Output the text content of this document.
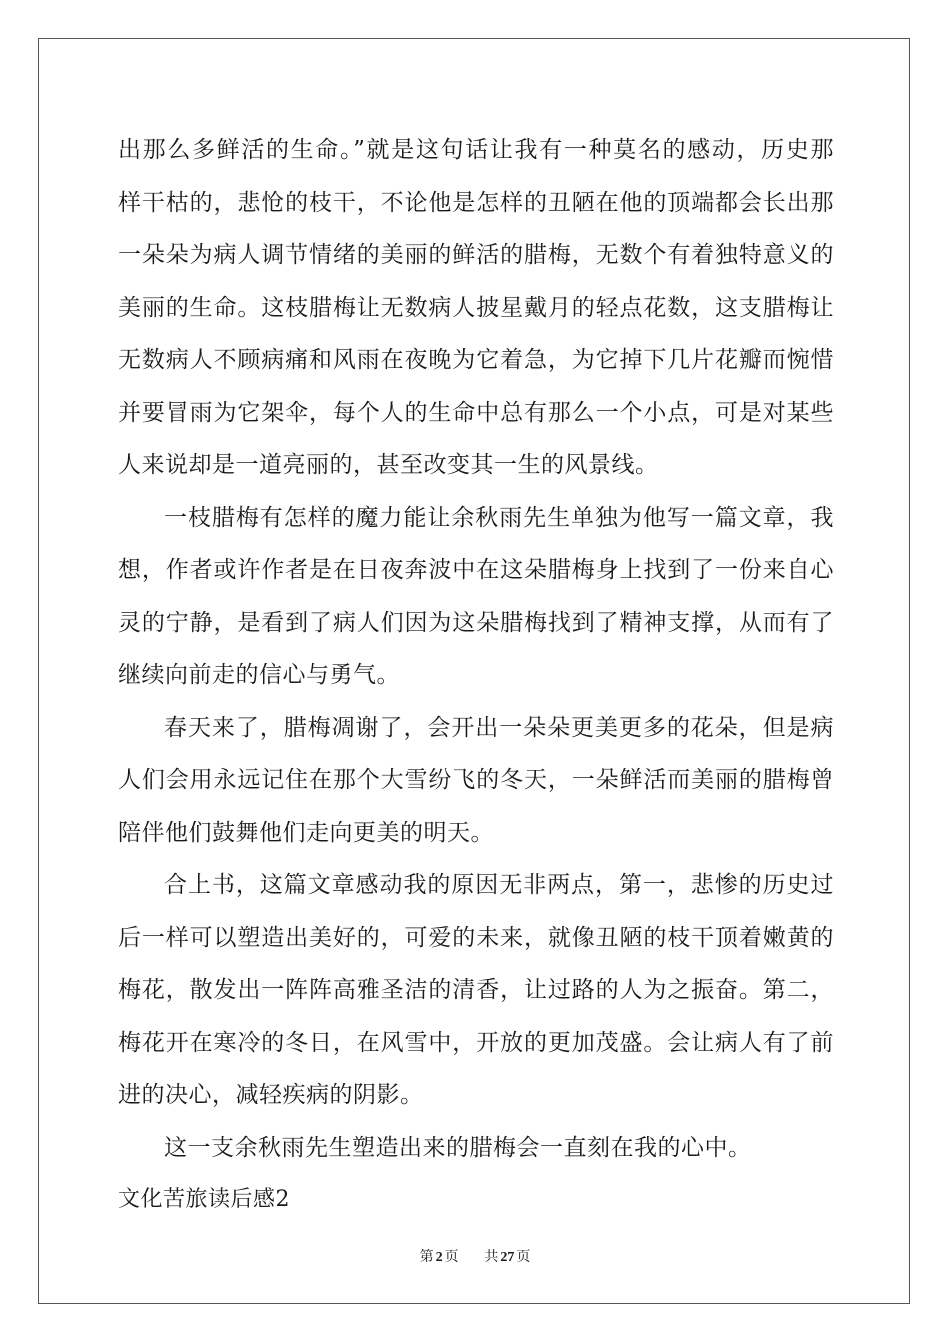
出那么多鲜活的生命。”就是这句话让我有一种莫名的感动，历史那
样干枯的，悲怆的枝干，不论他是怎样的丑陋在他的顶端都会长出那
一朵朵为病人调节情绪的美丽的鲜活的腊梅，无数个有着独特意义的
美丽的生命。这枝腊梅让无数病人披星戴月的轻点花数，这支腊梅让
无数病人不顾病痛和风雨在夜晚为它着急，为它掉下几片花瓣而惋惜
并要冒雨为它架伞，每个人的生命中总有那么一个小点，可是对某些
人来说却是一道亮丽的，甚至改变其一生的风景线。
一枝腊梅有怎样的魔力能让余秋雨先生单独为他写一篇文章，我
想，作者或许作者是在日夜奔波中在这朵腊梅身上找到了一份来自心
灵的宁静，是看到了病人们因为这朵腊梅找到了精神支撑，从而有了
继续向前走的信心与勇气。
春天来了，腊梅凋谢了，会开出一朵朵更美更多的花朵，但是病
人们会用永远记住在那个大雪纷飞的冬天，一朵鲜活而美丽的腊梅曾
陪伴他们鼓舞他们走向更美的明天。
合上书，这篇文章感动我的原因无非两点，第一，悲惨的历史过
后一样可以塑造出美好的，可爱的未来，就像丑陋的枝干顶着嫩黄的
梅花，散发出一阵阵高雅圣洁的清香，让过路的人为之振奋。第二，
梅花开在寒冷的冬日，在风雪中，开放的更加茂盛。会让病人有了前
进的决心，减轻疾病的阴影。
这一支余秋雨先生塑造出来的腊梅会一直刻在我的心中。
文化苦旅读后感2
第 2 页 共 27 页
